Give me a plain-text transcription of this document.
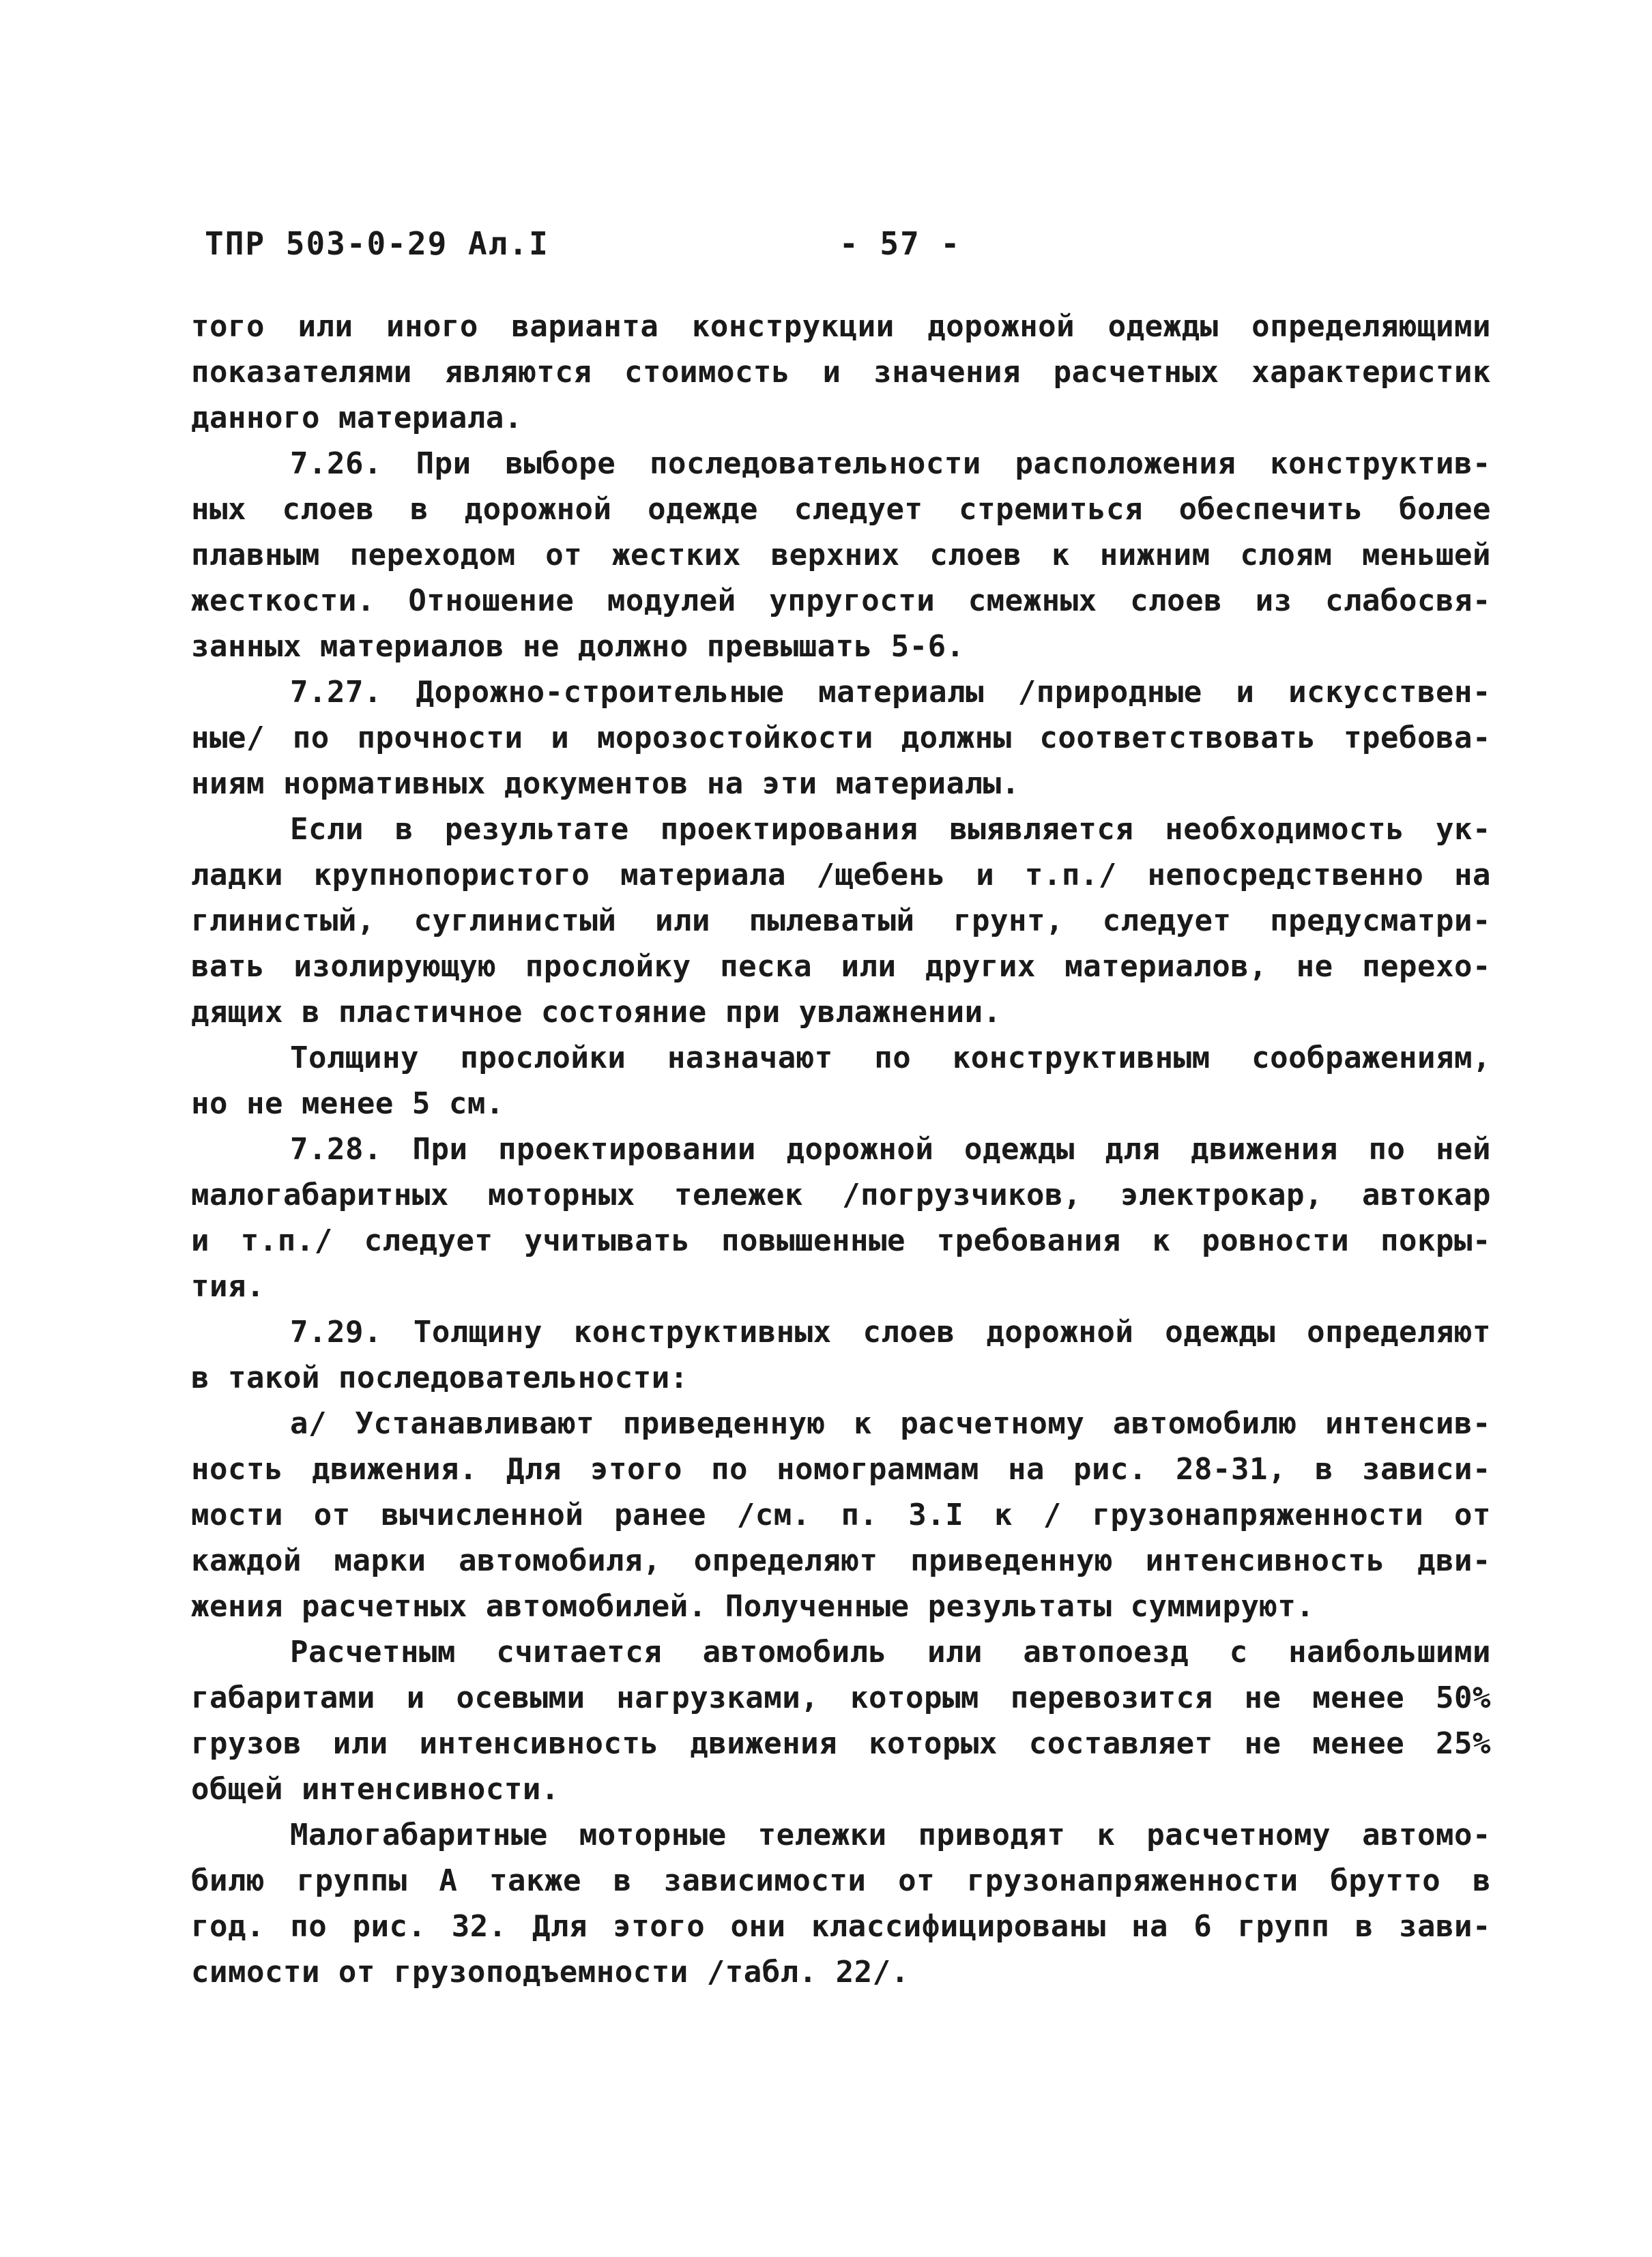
ТПР 503-0-29 Ал.I	- 57 -
того или иного варианта конструкции дорожной одежды определяющими
показателями являются стоимость и значения расчетных характеристик
данного материала.
7.26. При выборе последовательности расположения конструктив-
ных слоев в дорожной одежде следует стремиться обеспечить более
плавным переходом от жестких верхних слоев к нижним слоям меньшей
жесткости. Отношение модулей упругости смежных слоев из слабосвя-
занных материалов не должно превышать 5-6.
7.27. Дорожно-строительные материалы /природные и искусствен-
ные/ по прочности и морозостойкости должны соответствовать требова-
ниям нормативных документов на эти материалы.
Если в результате проектирования выявляется необходимость ук-
ладки крупнопористого материала /щебень и т.п./ непосредственно на
глинистый, суглинистый или пылеватый грунт, следует предусматри-
вать изолирующую прослойку песка или других материалов, не перехо-
дящих в пластичное состояние при увлажнении.
Толщину прослойки назначают по конструктивным соображениям,
но не менее 5 см.
7.28. При проектировании дорожной одежды для движения по ней
малогабаритных моторных тележек /погрузчиков, электрокар, автокар
и т.п./ следует учитывать повышенные требования к ровности покры-
тия.
7.29. Толщину конструктивных слоев дорожной одежды определяют
в такой последовательности:
а/ Устанавливают приведенную к расчетному автомобилю интенсив-
ность движения. Для этого по номограммам на рис. 28-31, в зависи-
мости от вычисленной ранее /см. п. 3.I к / грузонапряженности от
каждой марки автомобиля, определяют приведенную интенсивность дви-
жения расчетных автомобилей. Полученные результаты суммируют.
Расчетным считается автомобиль или автопоезд с наибольшими
габаритами и осевыми нагрузками, которым перевозится не менее 50%
грузов или интенсивность движения которых составляет не менее 25%
общей интенсивности.
Малогабаритные моторные тележки приводят к расчетному автомо-
билю группы А также в зависимости от грузонапряженности брутто в
год. по рис. 32. Для этого они классифицированы на 6 групп в зави-
симости от грузоподъемности /табл. 22/.
